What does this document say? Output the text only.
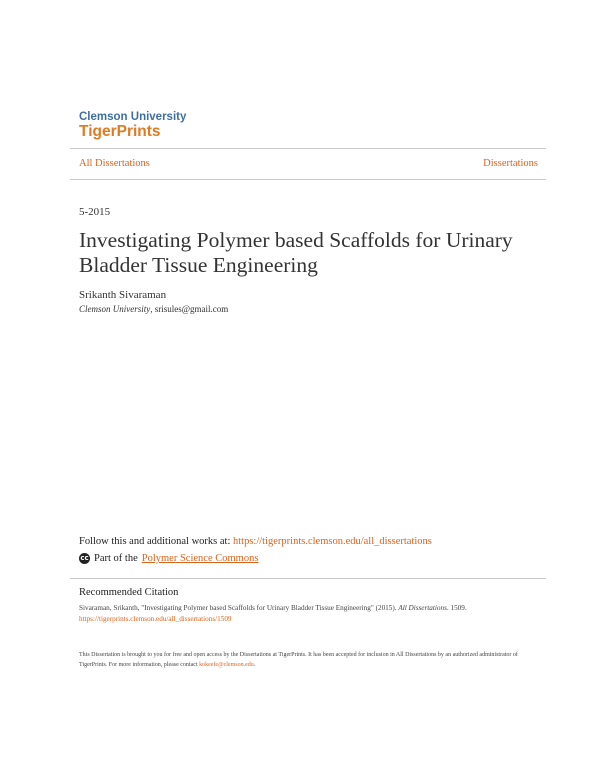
Clemson University
TigerPrints
All Dissertations	Dissertations
5-2015
Investigating Polymer based Scaffolds for Urinary Bladder Tissue Engineering
Srikanth Sivaraman
Clemson University, srisules@gmail.com
Follow this and additional works at: https://tigerprints.clemson.edu/all_dissertations
cc Part of the Polymer Science Commons
Recommended Citation
Sivaraman, Srikanth, "Investigating Polymer based Scaffolds for Urinary Bladder Tissue Engineering" (2015). All Dissertations. 1509.
https://tigerprints.clemson.edu/all_dissertations/1509
This Dissertation is brought to you for free and open access by the Dissertations at TigerPrints. It has been accepted for inclusion in All Dissertations by an authorized administrator of TigerPrints. For more information, please contact kokeefe@clemson.edu.
